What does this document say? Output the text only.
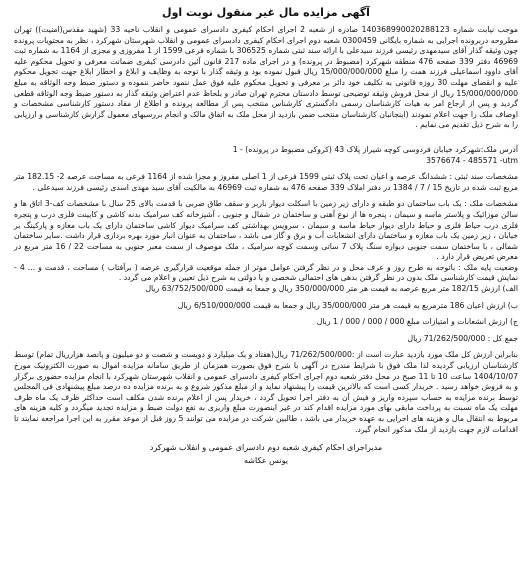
آگهی مزایده مال غیر منقول نوبت اول

موجب نیابت شماره 140368990020288123 صادره از شعبه 2 اجرای احکام کیفری دادسرای عمومی و انقلاب ناحیه 33 (شهید مقدس(امنیت)) تهران مطروحه دربرونده اجرایی به شماره بایگانی 0300459 شعبه دوم اجرای احکام کیفری دادسرای عمومی و انقلاب شهرستان شهرکرد ، نظر به محتویات پرونده چون وثیقه گذار آقای سیدمهدی رئیسی فرزند سیدعلی با ارائه سند ثبتی شماره 306525 با شماره فرعی 1599 از 1 مفروزی و مجزی از 1164 به شماره ثبت 46969 دفتر 339 صفحه 476 منطقه شهرکرد (مضبوط در پرونده) و در اجرای ماده 217 قانون آئین دادرسی کیفری ضمانت معرفی و تحویل محکوم علیه آقای داوود اسماعیلی فرزند همت را مبلغ 15/000/000/000 ریال قبول نموده بود و وثیقه گذار با توجه به وظایف و ابلاغ و اخطار ابلاغ جهت تحویل محکوم علیه و انقضای مهلت 30 روزه قانونی به تکلیف خود دائر بر معرفی و تحویل محکوم علیه فوق عمل ننمود حاضر ننموده و دستور ضبط وجه الوثاقه به مبلغ 15/000/000/000 ریال از محل فروش وثیقه توضیحی توسط دادستان محترم تهران صادر و بلحاظ عدم اعتراض وثیقه گذار به دستور ضبط وجه الوثاقه قطعی گردید و پس از ارجاع امر به هیات کارشناسان رسمی دادگستری کارشناس منتخب پس از مطالعه پرونده و اطلاع از مفاد دستور کارشناسی مشخصات و اوصاف ملک را جهت اعلام نمودند (اینجانبان کارشناسان منتخب ضمن بازدید از محل ملک به اتفاق مالک و انجام بررسیهای معمول گزارش کارشناسی و ارزیابی را به شرح ذیل تقدیم می نمایم .

آدرس ملک:شهرکرد خیابان فردوسی کوچه شیراز پلاک 43 (کروکی مضبوط در پرونده) - 1

3576674 - 485571 -utm

مشخصات سند ثبتی : ششدانگ عرصه و اعیان تحت پلاک ثبتی 1599 فرعی از 1 اصلی مفروز و مجزا شده از 1164 فرعی به مساحت عرصه 2- 182.15 متر مربع ثبت شده در تاریخ 15 / 7 / 1384 در دفتر املاک 339 صفحه 476 به شماره ثبت 46969 به مالکیت آقای سید مهدی اسدی رئیسی فرزند سیدعلی .

مشخصات ملک : یک باب ساختمان دو طبقه و دارای زیر زمین با اسکلت دیوار باربر و سقف طاق ضربی با قدمت بالای 25 سال با مشخصات کف-3 اتاق ها و سالن موزائیک و پلاستر ماسه و سیمان ، پنجره ها از نوع آهنی و ساختمان در شمال و جنوبی ، آشپزخانه کف سرامیک بدنه کاشی و کابینت فلزی درب و پنجره فلزی درب حیاط فلزی و حیاط دارای دیوار حیاط ماسه و سیمان ، سرویس بهداشتی کف سرامیک دیوار کاشی ساختمان دارای یک باب مغازه و پارکینگ بر خیابان ، زیر زمین یک باب مغازه و ساختمان دارای انشعابات آب و برق و گاز می باشد ، ساختمان به عنوان انبار مورد بهره برداری قرار داشت .سایر ساختمان شمالی ، با ساختمان سمت جنوبی دیواره سنگ پلاک 7 ساتی وسمت کوچه سرامیک ، ملک موصوف از سمت معبر جنوبی به مساحت 22 / 16 متر مربع در معرض تعریض قرار دارد .

وضعیت پایه ملک : باتوجه به طرح روز و عرف محل و در نظر گرفتن عوامل موثر از جمله موقعیت قرارگیری عرصه ( برآفتاب ) مساحت ، قدمت و ... 4 - نمایش قیمت کارشناسی ملک بدون در نظر گرفتن بدهی های احتمالی شخصی و یا دولتی به شرح ذیل تعیین و اعلام می گردد .

الف) ارزش 182/15 متر مربع عرصه به قیمت هر متر 350/000/000 ریال و جمعا به قیمت 63/752/500/000 ریال

ب) ارزش اعیان 186 مترمربع به قیمت هر متر 35/000/000 ریال و جمعا به قیمت 6/510/000/000 ریال

ج) ارزش انشعابات و امتیازات مبلغ 000 / 000 / 000 / 1 ریال

جمع کل : 71/262/500/000 ریال

بنابراین ارزش کل ملک مورد بازدید عبارت است از :71/262/500/000 ریال(هفتاد و یک میلیارد و دویست و شصت و دو میلیون و پانصد هزارریال تمام) توسط کارشناسان ارزیابی گردیده لذا ملک فوق با شرایط مندرج در آگهی با شرح فوق بصورت همزمان از طریق سامانه مزایده اموال به صورت الکترونیک مورخ 1404/10/07 ساعت 10 تا 11 صبح در محل دفتر شعبه دوم اجرای احکام کیفری دادسرای عمومی و انقلاب شهرستان شهرکرد با انجام مزایده حضوری برگزار و به فروش خواهد رسید . خریدار کسی است که بالاترین قیمت را پیشنهاد نماید و از مبلغ مذکور شروع و به برنده مزایده ده درصد مبلغ پیشنهادی فی المجلس توسط برنده مزایده به حساب سپرده واریز و فیش آن به دفتر اجرا تحویل گردد ، خریدار پس از اعلام برنده شدن مکلف است حداکثر ظرف یک ماه ظرف مهلت یک ماه نسبت به پرداخت مابقی بهای مورد مزایده اقدام کند در غیر اینصورت مبلغ واریزی به نفع دولت ضبط و مزایده تجدید میگردد و کلیه هزینه های مربوط به انتقال مال و هزینه های اجرایی به عهده خریدار می باشد ، طالبین شرکت در مزایده می توانند 5 روز قبل از موعد مقرر به این اجرا مراجعه نمایند تا اقدامات لازم جهت بازدید از ملک مذکور انجام گیرد.

مدیراجرای احکام کیفری شعبه دوم دادسرای عمومی و انقلاب شهرکرد

یونس عکاشه
